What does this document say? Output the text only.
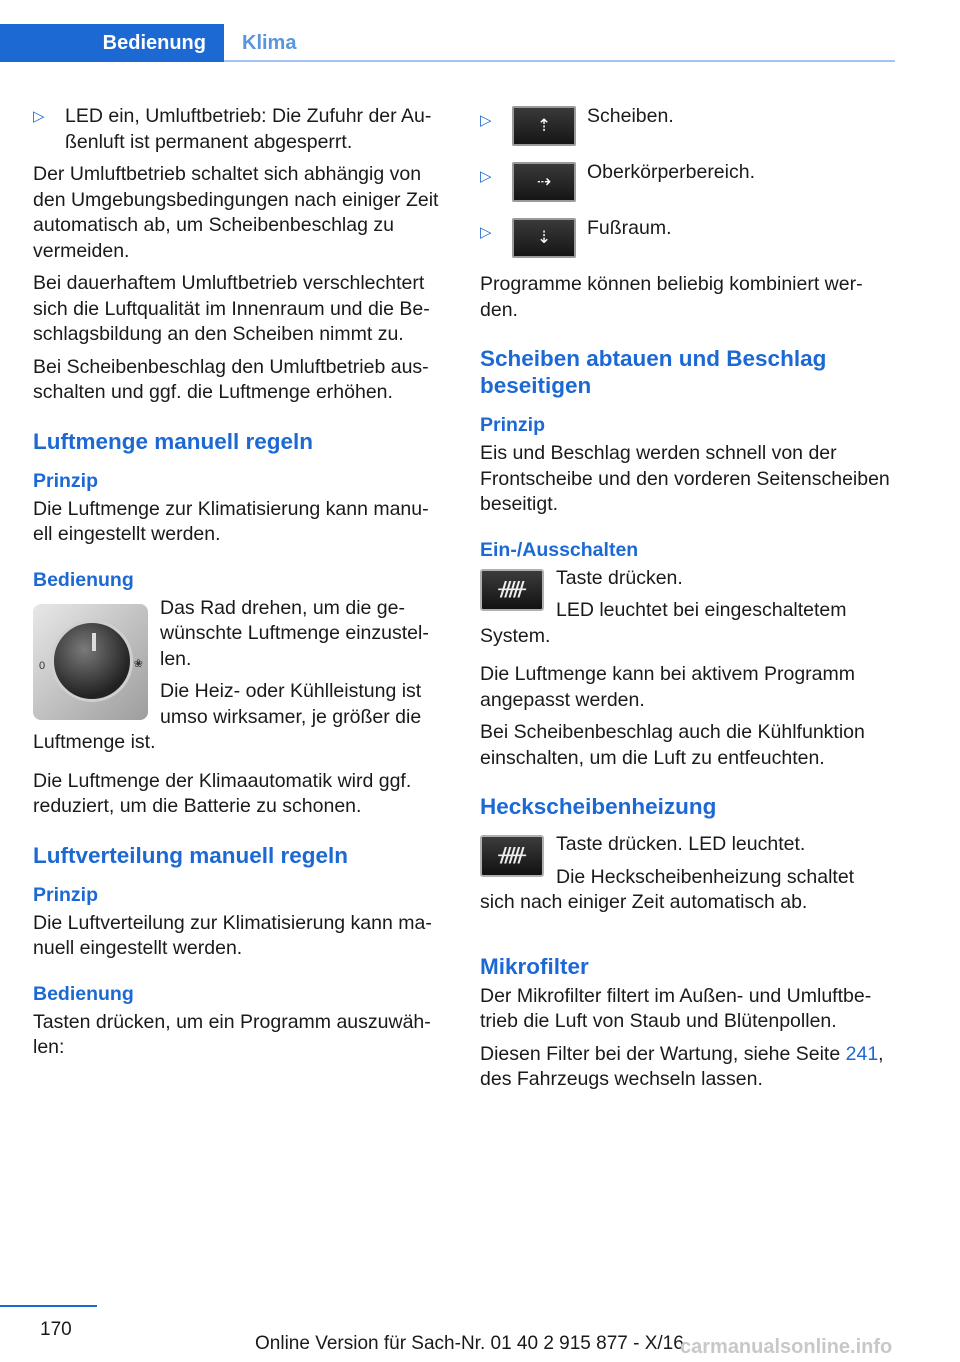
Bedienung	Klima
▷ LED ein, Umluftbetrieb: Die Zufuhr der Außenluft ist permanent abgesperrt.

Der Umluftbetrieb schaltet sich abhängig von den Umgebungsbedingungen nach einiger Zeit automatisch ab, um Scheibenbeschlag zu vermeiden.

Bei dauerhaftem Umluftbetrieb verschlechtert sich die Luftqualität im Innenraum und die Beschlagsbildung an den Scheiben nimmt zu.

Bei Scheibenbeschlag den Umluftbetrieb ausschalten und ggf. die Luftmenge erhöhen.

Luftmenge manuell regeln
Prinzip

Die Luftmenge zur Klimatisierung kann manuell eingestellt werden.

Bedienung
0	❀

Das Rad drehen, um die gewünschte Luftmenge einzustellen.

Die Heiz- oder Kühlleistung ist umso wirksamer, je größer die Luftmenge ist.

Die Luftmenge der Klimaautomatik wird ggf. reduziert, um die Batterie zu schonen.

Luftverteilung manuell regeln
Prinzip

Die Luftverteilung zur Klimatisierung kann manuell eingestellt werden.

Bedienung

Tasten drücken, um ein Programm auszuwählen:

▷	⇡	Scheiben.
▷	⇢	Oberkörperbereich.
▷	⇣	Fußraum.

Programme können beliebig kombiniert werden.

Scheiben abtauen und Beschlag beseitigen
Prinzip

Eis und Beschlag werden schnell von der Frontscheibe und den vorderen Seitenscheiben beseitigt.

Ein-/Ausschalten
ᚏ	Taste drücken.

LED leuchtet bei eingeschaltetem System.

Die Luftmenge kann bei aktivem Programm angepasst werden.

Bei Scheibenbeschlag auch die Kühlfunktion einschalten, um die Luft zu entfeuchten.

Heckscheibenheizung
ᚏ	Taste drücken. LED leuchtet.

Die Heckscheibenheizung schaltet sich nach einiger Zeit automatisch ab.

Mikrofilter

Der Mikrofilter filtert im Außen- und Umluftbetrieb die Luft von Staub und Blütenpollen.

Diesen Filter bei der Wartung, siehe Seite 241, des Fahrzeugs wechseln lassen.

170
Online Version für Sach-Nr. 01 40 2 915 877 - X/16
carmanualsonline.info
